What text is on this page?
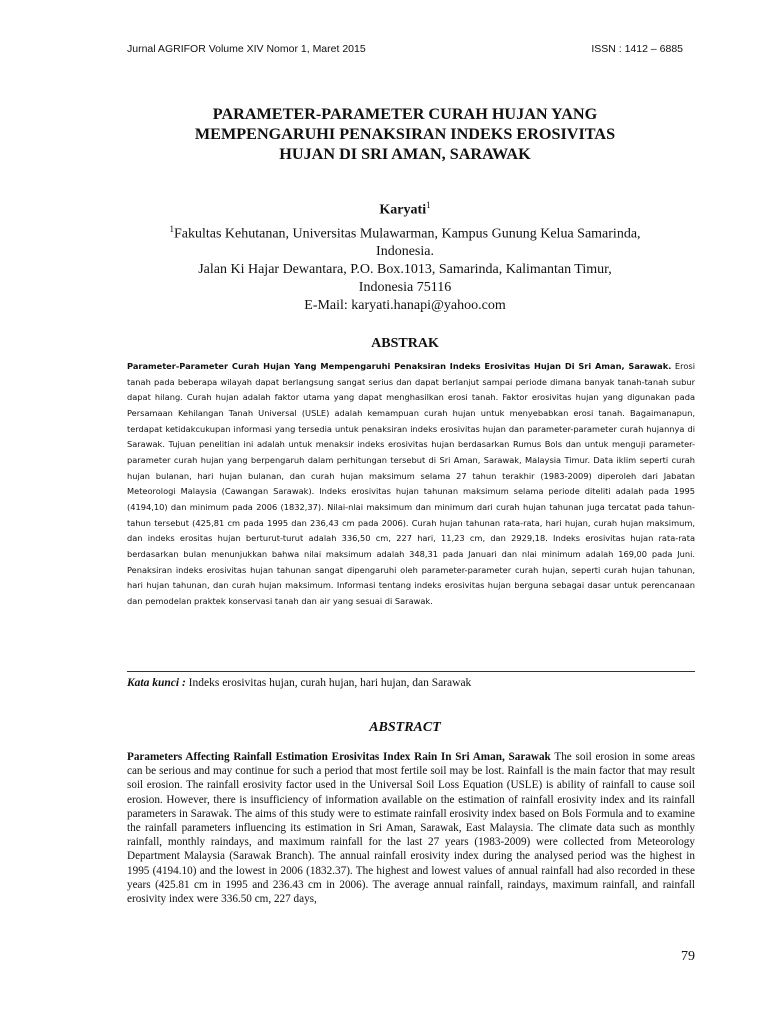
Jurnal AGRIFOR Volume XIV Nomor 1, Maret 2015	ISSN : 1412 – 6885
PARAMETER-PARAMETER CURAH HUJAN YANG
MEMPENGARUHI PENAKSIRAN INDEKS EROSIVITAS
HUJAN DI SRI AMAN, SARAWAK
Karyati$^1$
$^1$Fakultas Kehutanan, Universitas Mulawarman, Kampus Gunung Kelua Samarinda,
Indonesia.
Jalan Ki Hajar Dewantara, P.O. Box.1013, Samarinda, Kalimantan Timur,
Indonesia 75116
E-Mail: karyati.hanapi@yahoo.com
ABSTRAK
Parameter-Parameter Curah Hujan Yang Mempengaruhi Penaksiran Indeks Erosivitas Hujan Di Sri Aman, Sarawak. Erosi tanah pada beberapa wilayah dapat berlangsung sangat serius dan dapat berlanjut sampai periode dimana banyak tanah-tanah subur dapat hilang. Curah hujan adalah faktor utama yang dapat menghasilkan erosi tanah. Faktor erosivitas hujan yang digunakan pada Persamaan Kehilangan Tanah Universal (USLE) adalah kemampuan curah hujan untuk menyebabkan erosi tanah. Bagaimanapun, terdapat ketidakcukupan informasi yang tersedia untuk penaksiran indeks erosivitas hujan dan parameter-parameter curah hujannya di Sarawak. Tujuan penelitian ini adalah untuk menaksir indeks erosivitas hujan berdasarkan Rumus Bols dan untuk menguji parameter-parameter curah hujan yang berpengaruh dalam perhitungan tersebut di Sri Aman, Sarawak, Malaysia Timur. Data iklim seperti curah hujan bulanan, hari hujan bulanan, dan curah hujan maksimum selama 27 tahun terakhir (1983-2009) diperoleh dari Jabatan Meteorologi Malaysia (Cawangan Sarawak). Indeks erosivitas hujan tahunan maksimum selama periode diteliti adalah pada 1995 (4194,10) dan minimum pada 2006 (1832,37). Nilai-nlai maksimum dan minimum dari curah hujan tahunan juga tercatat pada tahun-tahun tersebut (425,81 cm pada 1995 dan 236,43 cm pada 2006). Curah hujan tahunan rata-rata, hari hujan, curah hujan maksimum, dan indeks erositas hujan berturut-turut adalah 336,50 cm, 227 hari, 11,23 cm, dan 2929,18. Indeks erosivitas hujan rata-rata berdasarkan bulan menunjukkan bahwa nilai maksimum adalah 348,31 pada Januari dan nlai minimum adalah 169,00 pada Juni. Penaksiran indeks erosivitas hujan tahunan sangat dipengaruhi oleh parameter-parameter curah hujan, seperti curah hujan tahunan, hari hujan tahunan, dan curah hujan maksimum. Informasi tentang indeks erosivitas hujan berguna sebagai dasar untuk perencanaan dan pemodelan praktek konservasi tanah dan air yang sesuai di Sarawak.
Kata kunci : Indeks erosivitas hujan, curah hujan, hari hujan, dan Sarawak
ABSTRACT
Parameters Affecting Rainfall Estimation Erosivitas Index Rain In Sri Aman, Sarawak The soil erosion in some areas can be serious and may continue for such a period that most fertile soil may be lost. Rainfall is the main factor that may result soil erosion. The rainfall erosivity factor used in the Universal Soil Loss Equation (USLE) is ability of rainfall to cause soil erosion. However, there is insufficiency of information available on the estimation of rainfall erosivity index and its rainfall parameters in Sarawak. The aims of this study were to estimate rainfall erosivity index based on Bols Formula and to examine the rainfall parameters influencing its estimation in Sri Aman, Sarawak, East Malaysia. The climate data such as monthly rainfall, monthly raindays, and maximum rainfall for the last 27 years (1983-2009) were collected from Meteorology Department Malaysia (Sarawak Branch). The annual rainfall erosivity index during the analysed period was the highest in 1995 (4194.10) and the lowest in 2006 (1832.37). The highest and lowest values of annual rainfall had also recorded in these years (425.81 cm in 1995 and 236.43 cm in 2006). The average annual rainfall, raindays, maximum rainfall, and rainfall erosivity index were 336.50 cm, 227 days,
79
